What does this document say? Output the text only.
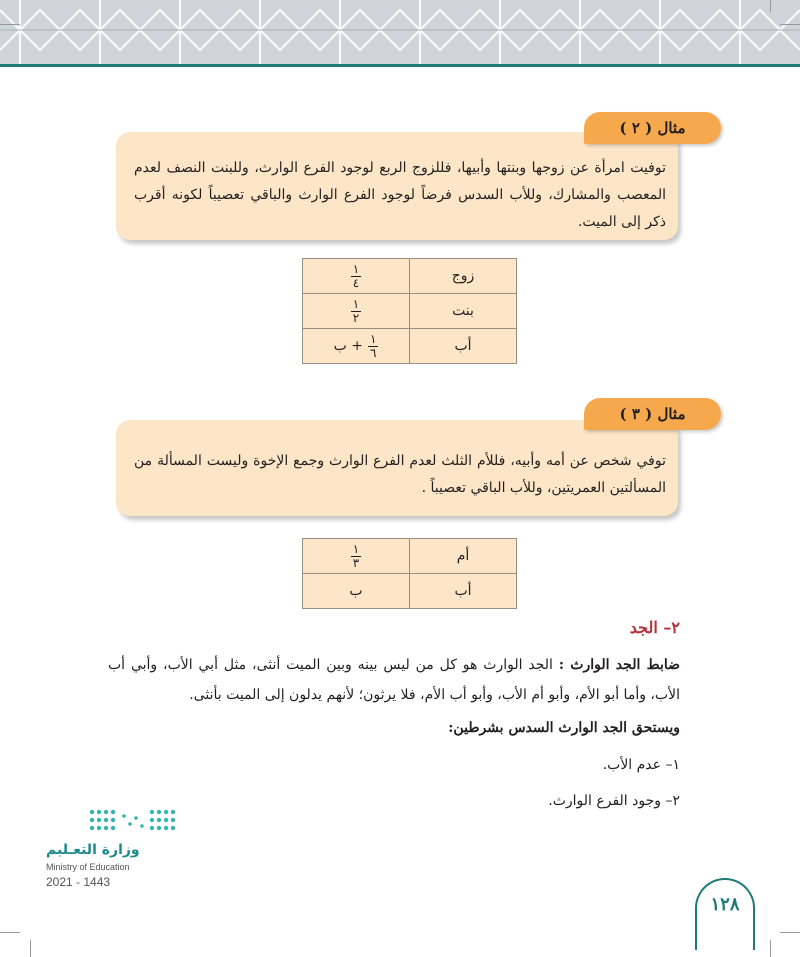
توفيت امرأة عن زوجها وبنتها وأبيها، فللزوج الربع لوجود الفرع الوارث، وللبنت النصف لعدم المعصب والمشارك، وللأب السدس فرضاً لوجود الفرع الوارث والباقي تعصيباً لكونه أقرب ذكر إلى الميت.
مثال ( ٢ )
زوج	$\frac{١}{٤}$

بنت	$\frac{١}{٢}$

أب	+ ب $\frac{١}{٦}$
توفي شخص عن أمه وأبيه، فللأم الثلث لعدم الفرع الوارث وجمع الإخوة وليست المسألة من المسألتين العمريتين، وللأب الباقي تعصيباً .
مثال ( ٣ )
أم	$\frac{١}{٣}$

أب	ب
٢– الجد
ضابط الجد الوارث : الجد الوارث هو كل من ليس بينه وبين الميت أنثى، مثل أبي الأب، وأبي أب الأب، وأما أبو الأم، وأبو أم الأب، وأبو أب الأم، فلا يرثون؛ لأنهم يدلون إلى الميت بأنثى.
ويستحق الجد الوارث السدس بشرطين:
١– عدم الأب.
٢– وجود الفرع الوارث.
وزارة التعـليم
Ministry of Education
2021 - 1443
١٢٨
